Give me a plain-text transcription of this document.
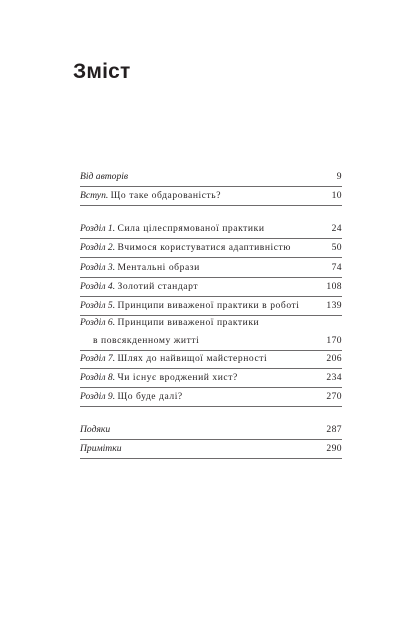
Зміст
Від авторів	9
Вступ. Що таке обдарованість?	10
Розділ 1. Сила цілеспрямованої практики	24
Розділ 2. Вчимося користуватися адаптивністю	50
Розділ 3. Ментальні образи	74
Розділ 4. Золотий стандарт	108
Розділ 5. Принципи виваженої практики в роботі	139
Розділ 6. Принципи виваженої практики
в повсякденному житті	170
Розділ 7. Шлях до найвищої майстерності	206
Розділ 8. Чи існує вроджений хист?	234
Розділ 9. Що буде далі?	270
Подяки	287
Примітки	290
